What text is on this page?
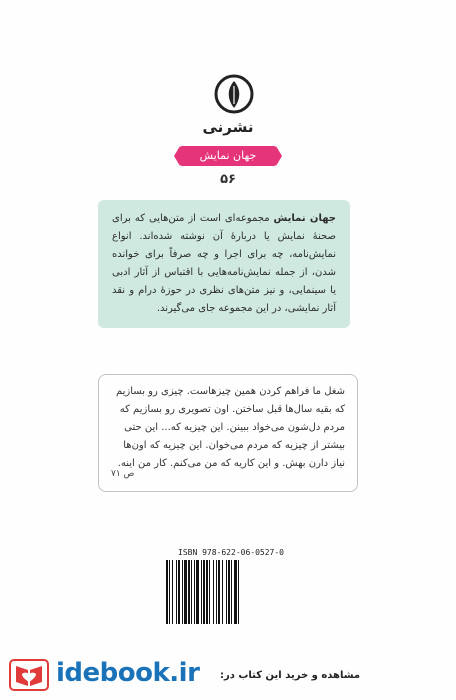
نشرنی
جهان نمایش
۵۶
جهان نمایش مجموعه‌ای است از متن‌هایی که برای صحنهٔ نمایش یا دربارهٔ آن نوشته شده‌اند. انواع نمایش‌نامه، چه برای اجرا و چه صرفاً برای خوانده شدن، از جمله نمایش‌نامه‌هایی با اقتباس از آثار ادبی یا سینمایی، و نیز متن‌های نظری در حوزهٔ درام و نقد آثار نمایشی، در این مجموعه جای می‌گیرند.
شغل ما فراهم کردن همین چیزهاست. چیزی رو بسازیم که بقیه سال‌ها قبل ساختن. اون تصویری رو بسازیم که مردم دل‌شون می‌خواد ببینن. این چیزیه که... این حتی بیشتر از چیزیه که مردم می‌خوان. این چیزیه که اون‌ها نیاز دارن بهش. و این کاریه که من می‌کنم. کار من اینه.
ص ۷۱
ISBN 978-622-06-0527-0
idebook.ir مشاهده و خرید این کتاب در:
